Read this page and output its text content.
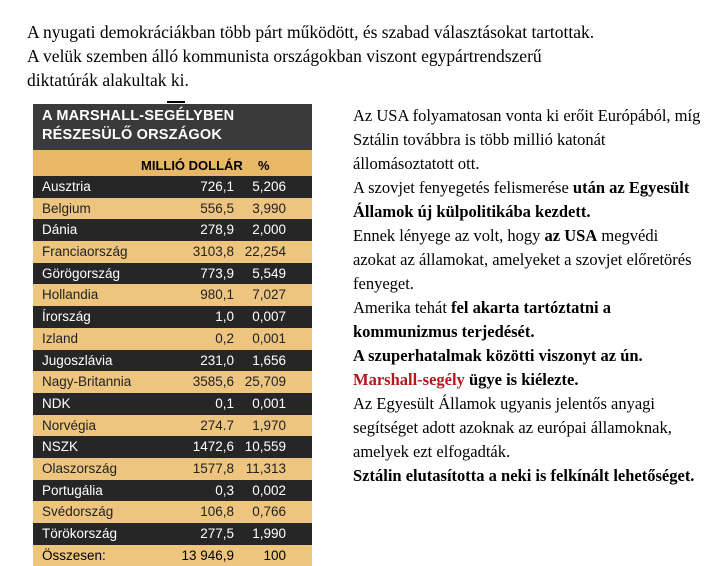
A nyugati demokráciákban több párt működött, és szabad választásokat tartottak.
A velük szemben álló kommunista országokban viszont egypártrendszerű
diktatúrák alakultak ki.
A MARSHALL-SEGÉLYBEN
RÉSZESÜLŐ ORSZÁGOK
MILLIÓ DOLLÁR %
Ausztria	726,1 5,206
Belgium	556,5 3,990
Dánia	278,9 2,000
Franciaország	3103,8 22,254
Görögország	773,9 5,549
Hollandia	980,1 7,027
Írország	1,0 0,007
Izland	0,2 0,001
Jugoszlávia	231,0 1,656
Nagy-Britannia	3585,6 25,709
NDK	0,1 0,001
Norvégia	274.7 1,970
NSZK	1472,6 10,559
Olaszország	1577,8 11,313
Portugália	0,3 0,002
Svédország	106,8 0,766
Törökország	277,5 1,990
Összesen:	13 946,9 100

Az USA folyamatosan vonta ki erőit Európából, míg Sztálin továbbra is több millió katonát állomásoztatott ott.

A szovjet fenyegetés felismerése után az Egyesült Államok új külpolitikába kezdett.

Ennek lényege az volt, hogy az USA megvédi azokat az államokat, amelyeket a szovjet előretörés fenyeget.

Amerika tehát fel akarta tartóztatni a kommunizmus terjedését.

A szuperhatalmak közötti viszonyt az ún. Marshall-segély ügye is kiélezte.

Az Egyesült Államok ugyanis jelentős anyagi segítséget adott azoknak az európai államoknak, amelyek ezt elfogadták.

Sztálin elutasította a neki is felkínált lehetőséget.
